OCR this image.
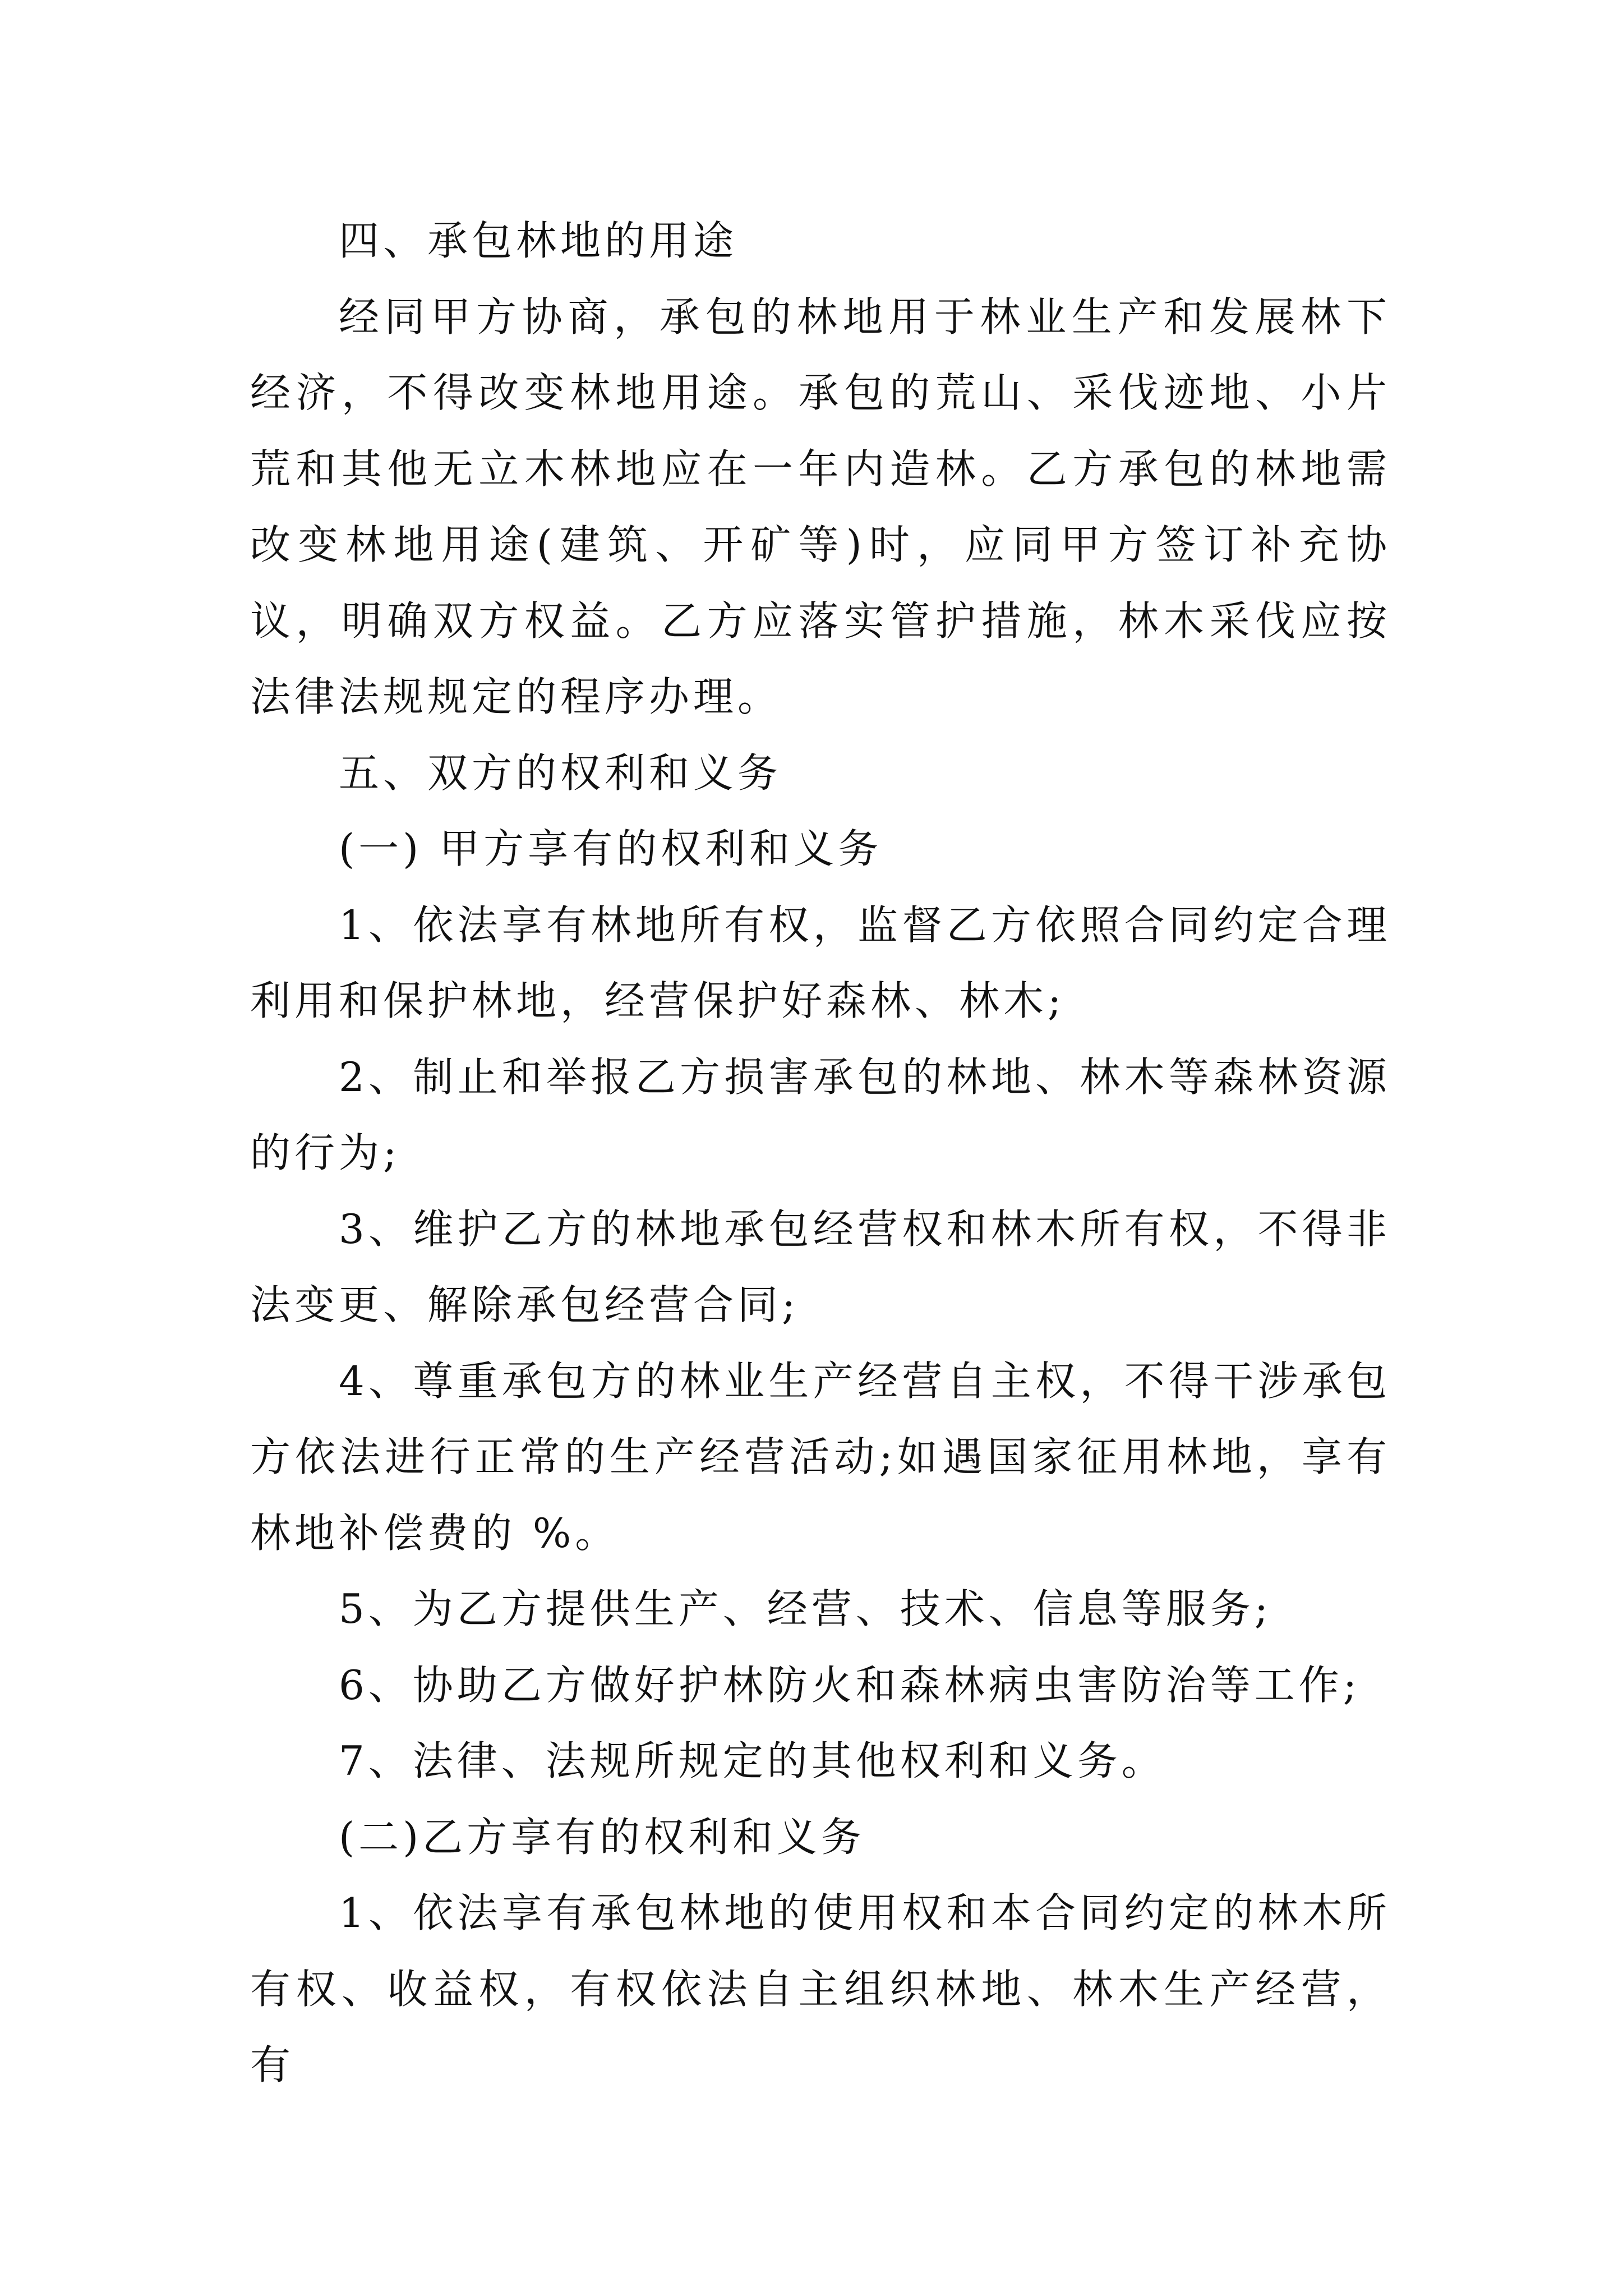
四、承包林地的用途

经同甲方协商，承包的林地用于林业生产和发展林下经济，不得改变林地用途。承包的荒山、采伐迹地、小片荒和其他无立木林地应在一年内造林。乙方承包的林地需改变林地用途(建筑、开矿等)时，应同甲方签订补充协议，明确双方权益。乙方应落实管护措施，林木采伐应按法律法规规定的程序办理。

五、双方的权利和义务

(一) 甲方享有的权利和义务

1、依法享有林地所有权，监督乙方依照合同约定合理利用和保护林地，经营保护好森林、林木;

2、制止和举报乙方损害承包的林地、林木等森林资源的行为;

3、维护乙方的林地承包经营权和林木所有权，不得非法变更、解除承包经营合同;

4、尊重承包方的林业生产经营自主权，不得干涉承包方依法进行正常的生产经营活动;如遇国家征用林地，享有林地补偿费的 %。

5、为乙方提供生产、经营、技术、信息等服务;

6、协助乙方做好护林防火和森林病虫害防治等工作;

7、法律、法规所规定的其他权利和义务。

(二)乙方享有的权利和义务

1、依法享有承包林地的使用权和本合同约定的林木所有权、收益权，有权依法自主组织林地、林木生产经营，有
